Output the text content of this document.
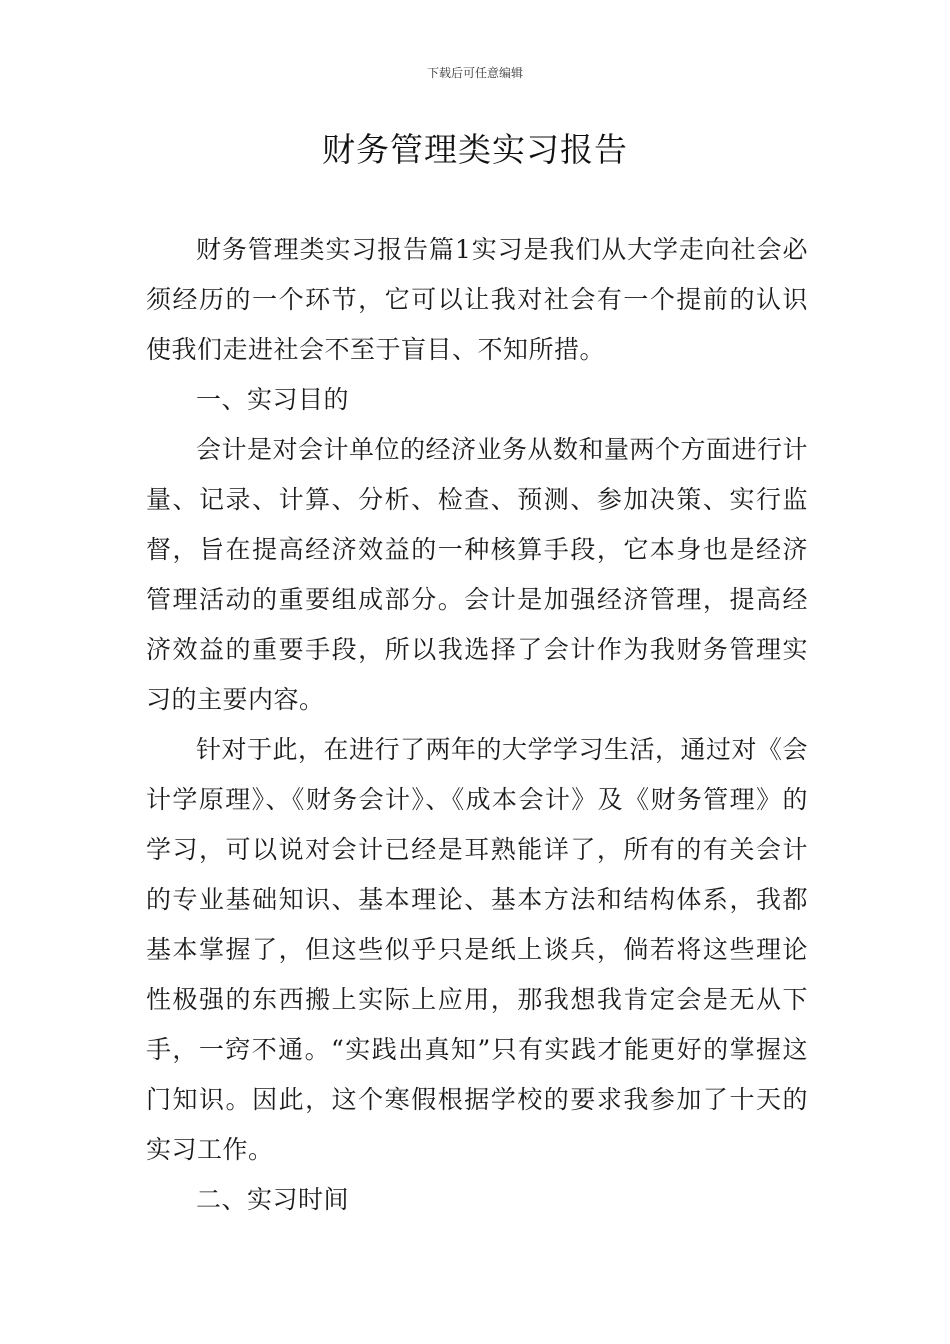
下载后可任意编辑
财务管理类实习报告

财务管理类实习报告篇1实习是我们从大学走向社会必须经历的一个环节，它可以让我对社会有一个提前的认识使我们走进社会不至于盲目、不知所措。

一、实习目的

会计是对会计单位的经济业务从数和量两个方面进行计量、记录、计算、分析、检查、预测、参加决策、实行监督，旨在提高经济效益的一种核算手段，它本身也是经济管理活动的重要组成部分。会计是加强经济管理，提高经济效益的重要手段，所以我选择了会计作为我财务管理实习的主要内容。

针对于此，在进行了两年的大学学习生活，通过对《会计学原理》、《财务会计》、《成本会计》及《财务管理》的学习，可以说对会计已经是耳熟能详了，所有的有关会计的专业基础知识、基本理论、基本方法和结构体系，我都基本掌握了，但这些似乎只是纸上谈兵，倘若将这些理论性极强的东西搬上实际上应用，那我想我肯定会是无从下手，一窍不通。“实践出真知”只有实践才能更好的掌握这门知识。因此，这个寒假根据学校的要求我参加了十天的实习工作。

二、实习时间
